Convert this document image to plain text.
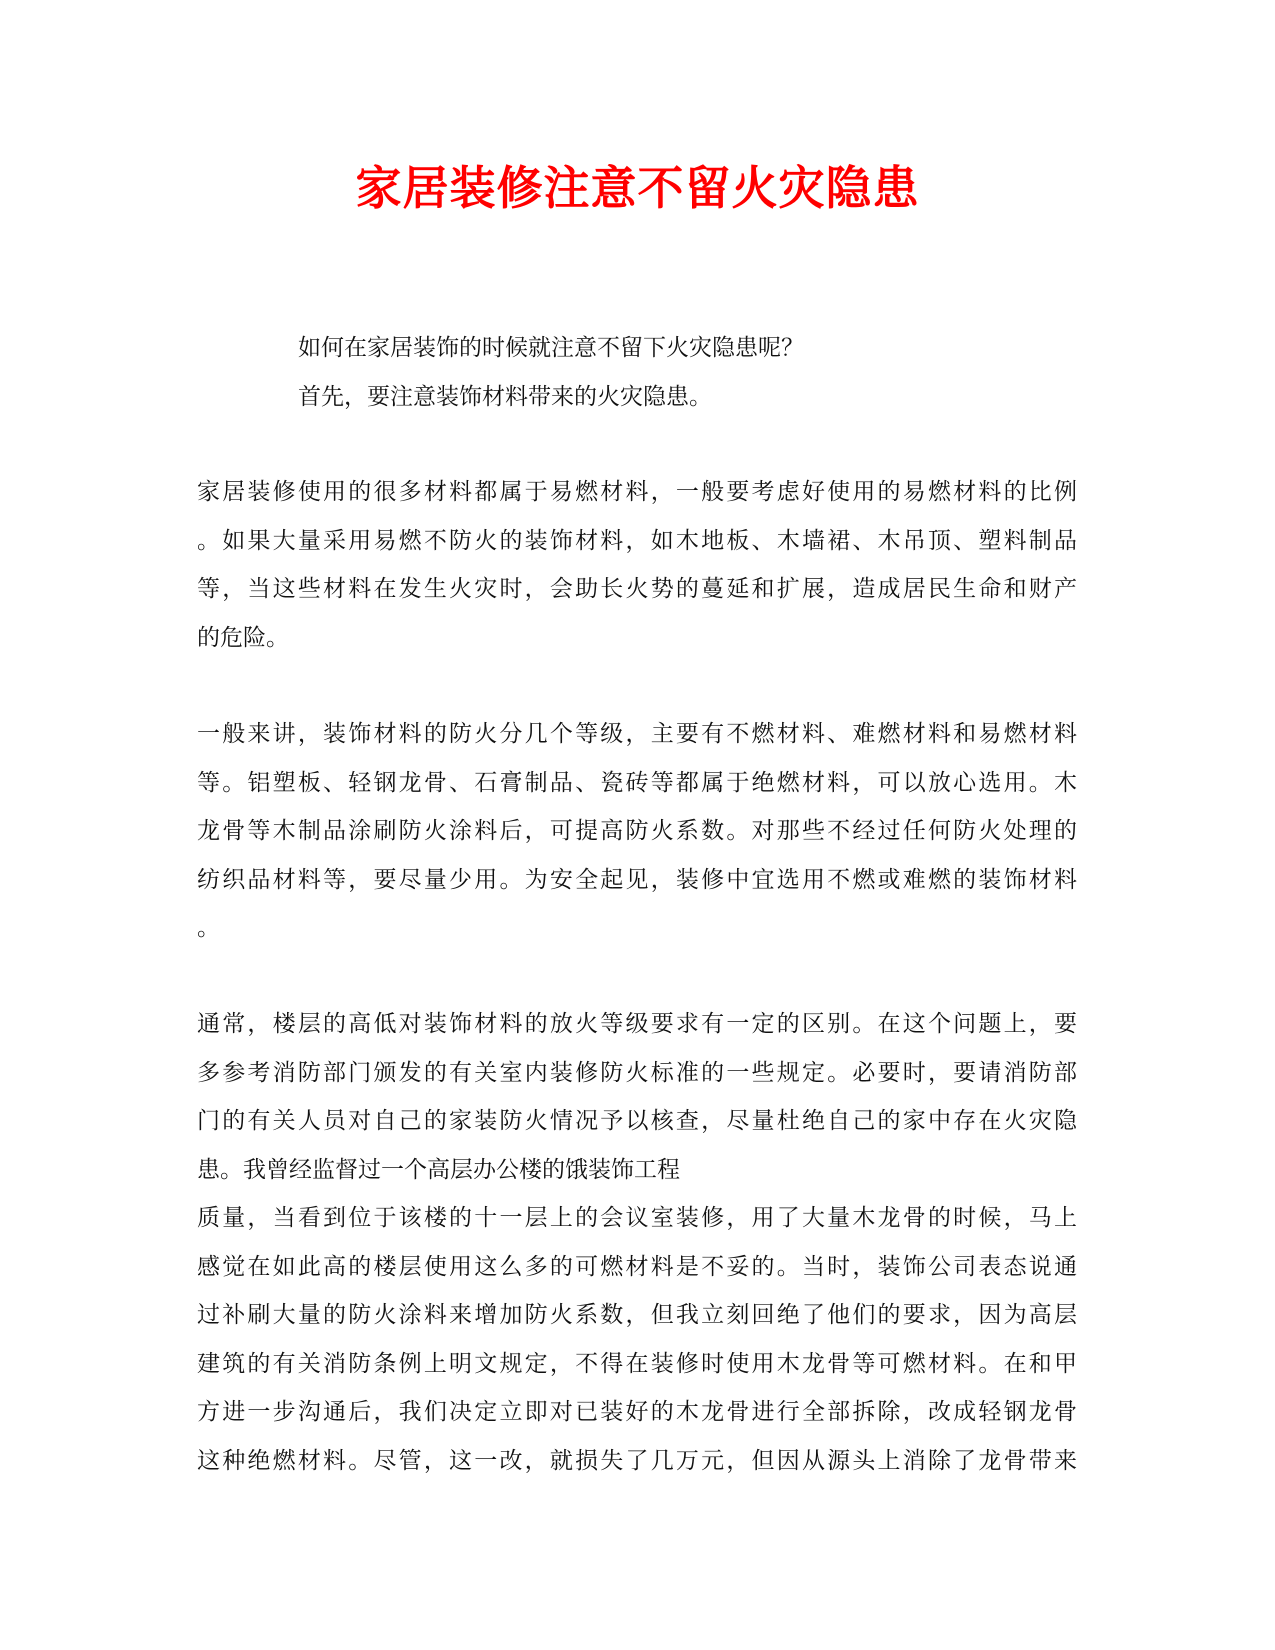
家居装修注意不留火灾隐患

如何在家居装饰的时候就注意不留下火灾隐患呢？

首先，要注意装饰材料带来的火灾隐患。

家居装修使用的很多材料都属于易燃材料，一般要考虑好使用的易燃材料的比例
。如果大量采用易燃不防火的装饰材料，如木地板、木墙裙、木吊顶、塑料制品
等，当这些材料在发生火灾时，会助长火势的蔓延和扩展，造成居民生命和财产
的危险。
一般来讲，装饰材料的防火分几个等级，主要有不燃材料、难燃材料和易燃材料
等。铝塑板、轻钢龙骨、石膏制品、瓷砖等都属于绝燃材料，可以放心选用。木
龙骨等木制品涂刷防火涂料后，可提高防火系数。对那些不经过任何防火处理的
纺织品材料等，要尽量少用。为安全起见，装修中宜选用不燃或难燃的装饰材料
。
通常，楼层的高低对装饰材料的放火等级要求有一定的区别。在这个问题上，要
多参考消防部门颁发的有关室内装修防火标准的一些规定。必要时，要请消防部
门的有关人员对自己的家装防火情况予以核查，尽量杜绝自己的家中存在火灾隐
患。我曾经监督过一个高层办公楼的饿装饰工程
质量，当看到位于该楼的十一层上的会议室装修，用了大量木龙骨的时候，马上
感觉在如此高的楼层使用这么多的可燃材料是不妥的。当时，装饰公司表态说通
过补刷大量的防火涂料来增加防火系数，但我立刻回绝了他们的要求，因为高层
建筑的有关消防条例上明文规定，不得在装修时使用木龙骨等可燃材料。在和甲
方进一步沟通后，我们决定立即对已装好的木龙骨进行全部拆除，改成轻钢龙骨
这种绝燃材料。尽管，这一改，就损失了几万元，但因从源头上消除了龙骨带来
